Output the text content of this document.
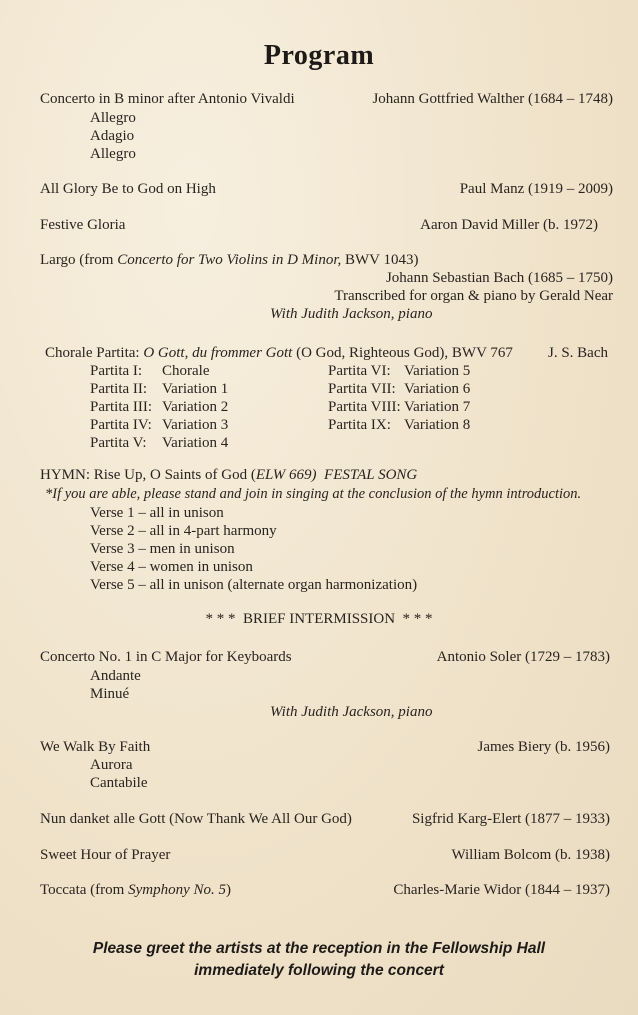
Program
Concerto in B minor after Antonio Vivaldi	Johann Gottfried Walther (1684 – 1748)
Allegro
Adagio
Allegro
All Glory Be to God on High	Paul Manz (1919 – 2009)
Festive Gloria	Aaron David Miller (b. 1972)
Largo (from Concerto for Two Violins in D Minor, BWV 1043)
Johann Sebastian Bach (1685 – 1750)
Transcribed for organ & piano by Gerald Near
With Judith Jackson, piano
Chorale Partita: O Gott, du frommer Gott (O God, Righteous God), BWV 767 J. S. Bach
Partita I: Chorale
Partita II: Variation 1
Partita III: Variation 2
Partita IV: Variation 3
Partita V: Variation 4
Partita VI: Variation 5
Partita VII: Variation 6
Partita VIII: Variation 7
Partita IX: Variation 8
HYMN: Rise Up, O Saints of God (ELW 669) FESTAL SONG
*If you are able, please stand and join in singing at the conclusion of the hymn introduction.
Verse 1 – all in unison
Verse 2 – all in 4-part harmony
Verse 3 – men in unison
Verse 4 – women in unison
Verse 5 – all in unison (alternate organ harmonization)
* * *  BRIEF INTERMISSION  * * *
Concerto No. 1 in C Major for Keyboards	Antonio Soler (1729 – 1783)
Andante
Minué
With Judith Jackson, piano
We Walk By Faith	James Biery (b. 1956)
Aurora
Cantabile
Nun danket alle Gott (Now Thank We All Our God)	Sigfrid Karg-Elert (1877 – 1933)
Sweet Hour of Prayer	William Bolcom (b. 1938)
Toccata (from Symphony No. 5)	Charles-Marie Widor (1844 – 1937)
Please greet the artists at the reception in the Fellowship Hall
immediately following the concert
